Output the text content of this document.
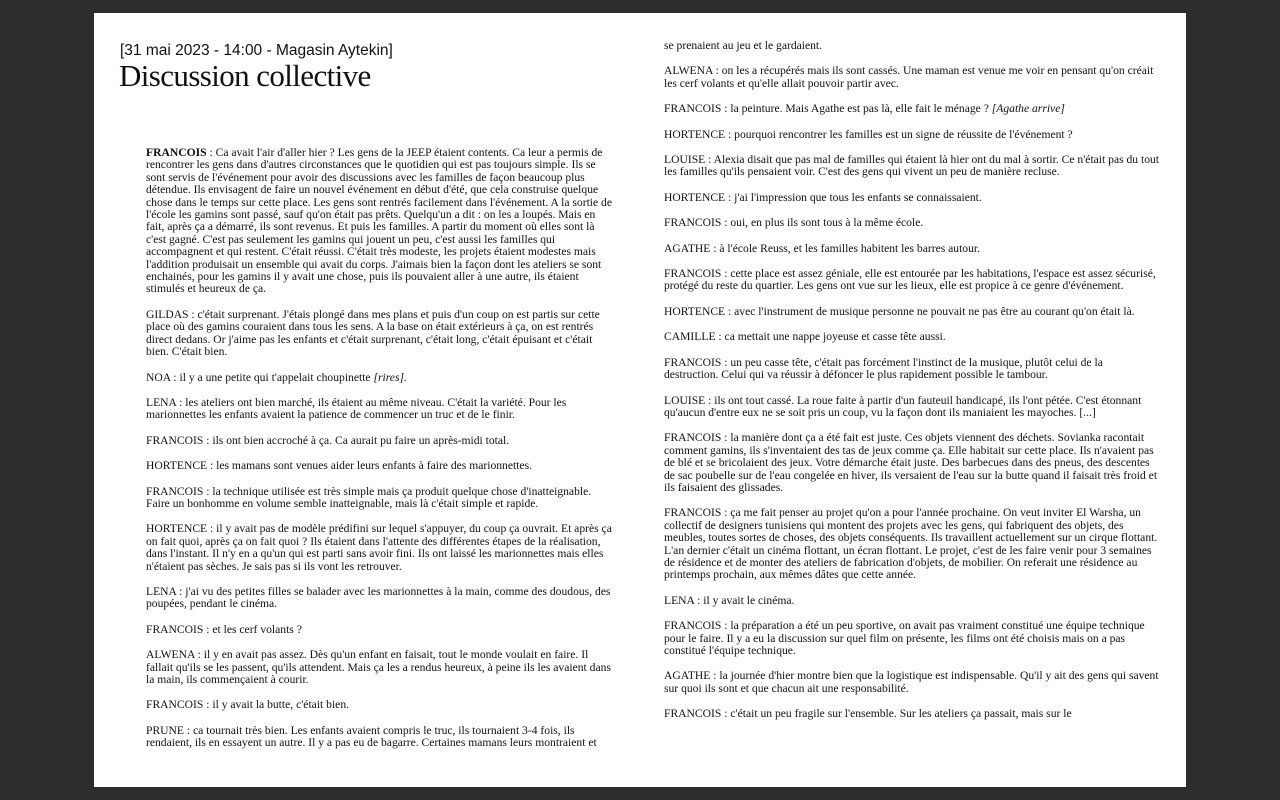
[31 mai 2023 - 14:00 - Magasin Aytekin]
Discussion collective

FRANCOIS : Ca avait l'air d'aller hier ? Les gens de la JEEP étaient contents. Ca leur a permis de rencontrer les gens dans d'autres circonstances que le quotidien qui est pas toujours simple. Ils se sont servis de l'événement pour avoir des discussions avec les familles de façon beaucoup plus détendue. Ils envisagent de faire un nouvel événement en début d'été, que cela construise quelque chose dans le temps sur cette place. Les gens sont rentrés facilement dans l'événement. A la sortie de l'école les gamins sont passé, sauf qu'on était pas prêts. Quelqu'un a dit : on les a loupés. Mais en fait, après ça a démarré, ils sont revenus. Et puis les familles. A partir du moment où elles sont là c'est gagné. C'est pas seulement les gamins qui jouent un peu, c'est aussi les familles qui accompagnent et qui restent. C'était réussi. C'était très modeste, les projets étaient modestes mais l'addition produisait un ensemble qui avait du corps. J'aimais bien la façon dont les ateliers se sont enchainés, pour les gamins il y avait une chose, puis ils pouvaient aller à une autre, ils étaient stimulés et heureux de ça.

GILDAS : c'était surprenant. J'étais plongé dans mes plans et puis d'un coup on est partis sur cette place où des gamins couraient dans tous les sens. A la base on était extérieurs à ça, on est rentrés direct dedans. Or j'aime pas les enfants et c'était surprenant, c'était long, c'était épuisant et c'était bien. C'était bien.

NOA : il y a une petite qui t'appelait choupinette [rires].

LENA : les ateliers ont bien marché, ils étaient au même niveau. C'était la variété. Pour les marionnettes les enfants avaient la patience de commencer un truc et de le finir.

FRANCOIS : ils ont bien accroché à ça. Ca aurait pu faire un après-midi total.

HORTENCE : les mamans sont venues aider leurs enfants à faire des marionnettes.

FRANCOIS : la technique utilisée est très simple mais ça produit quelque chose d'inatteignable. Faire un bonhomme en volume semble inatteignable, mais là c'était simple et rapide.

HORTENCE : il y avait pas de modèle prédifini sur lequel s'appuyer, du coup ça ouvrait. Et après ça on fait quoi, après ça on fait quoi ? Ils étaient dans l'attente des différentes étapes de la réalisation, dans l'instant. Il n'y en a qu'un qui est parti sans avoir fini. Ils ont laissé les marionnettes mais elles n'étaient pas sèches. Je sais pas si ils vont les retrouver.

LENA : j'ai vu des petites filles se balader avec les marionnettes à la main, comme des doudous, des poupées, pendant le cinéma.

FRANCOIS : et les cerf volants ?

ALWENA : il y en avait pas assez. Dès qu'un enfant en faisait, tout le monde voulait en faire. Il fallait qu'ils se les passent, qu'ils attendent. Mais ça les a rendus heureux, à peine ils les avaient dans la main, ils commençaient à courir.

FRANCOIS : il y avait la butte, c'était bien.

PRUNE : ca tournait très bien. Les enfants avaient compris le truc, ils tournaient 3-4 fois, ils rendaient, ils en essayent un autre. Il y a pas eu de bagarre. Certaines mamans leurs montraient et

se prenaient au jeu et le gardaient.

ALWENA : on les a récupérés mais ils sont cassés. Une maman est venue me voir en pensant qu'on créait les cerf volants et qu'elle allait pouvoir partir avec.

FRANCOIS : la peinture. Mais Agathe est pas là, elle fait le ménage ? [Agathe arrive]

HORTENCE : pourquoi rencontrer les familles est un signe de réussite de l'événement ?

LOUISE : Alexia disait que pas mal de familles qui étaient là hier ont du mal à sortir. Ce n'était pas du tout les familles qu'ils pensaient voir. C'est des gens qui vivent un peu de manière recluse.

HORTENCE : j'ai l'impression que tous les enfants se connaissaient.

FRANCOIS : oui, en plus ils sont tous à la même école.

AGATHE : à l'école Reuss, et les familles habitent les barres autour.

FRANCOIS : cette place est assez géniale, elle est entourée par les habitations, l'espace est assez sécurisé, protégé du reste du quartier. Les gens ont vue sur les lieux, elle est propice à ce genre d'événement.

HORTENCE : avec l'instrument de musique personne ne pouvait ne pas être au courant qu'on était là.

CAMILLE : ca mettait une nappe joyeuse et casse tête aussi.

FRANCOIS : un peu casse tête, c'était pas forcément l'instinct de la musique, plutôt celui de la destruction. Celui qui va réussir à défoncer le plus rapidement possible le tambour.

LOUISE : ils ont tout cassé. La roue faite à partir d'un fauteuil handicapé, ils l'ont pétée. C'est étonnant qu'aucun d'entre eux ne se soit pris un coup, vu la façon dont ils maniaient les mayoches. [...]

FRANCOIS : la manière dont ça a été fait est juste. Ces objets viennent des déchets. Sovianka racontait comment gamins, ils s'inventaient des tas de jeux comme ça. Elle habitait sur cette place. Ils n'avaient pas de blé et se bricolaient des jeux. Votre démarche était juste. Des barbecues dans des pneus, des descentes de sac poubelle sur de l'eau congelée en hiver, ils versaient de l'eau sur la butte quand il faisait très froid et ils faisaient des glissades.

FRANCOIS : ça me fait penser au projet qu'on a pour l'année prochaine. On veut inviter El Warsha, un collectif de designers tunisiens qui montent des projets avec les gens, qui fabriquent des objets, des meubles, toutes sortes de choses, des objets conséquents. Ils travaillent actuellement sur un cirque flottant. L'an dernier c'était un cinéma flottant, un écran flottant. Le projet, c'est de les faire venir pour 3 semaines de résidence et de monter des ateliers de fabrication d'objets, de mobilier. On referait une résidence au printemps prochain, aux mêmes dâtes que cette année.

LENA : il y avait le cinéma.

FRANCOIS : la préparation a été un peu sportive, on avait pas vraiment constitué une équipe technique pour le faire. Il y a eu la discussion sur quel film on présente, les films ont été choisis mais on a pas constitué l'équipe technique.

AGATHE : la journée d'hier montre bien que la logistique est indispensable. Qu'il y ait des gens qui savent sur quoi ils sont et que chacun ait une responsabilité.

FRANCOIS : c'était un peu fragile sur l'ensemble. Sur les ateliers ça passait, mais sur le
